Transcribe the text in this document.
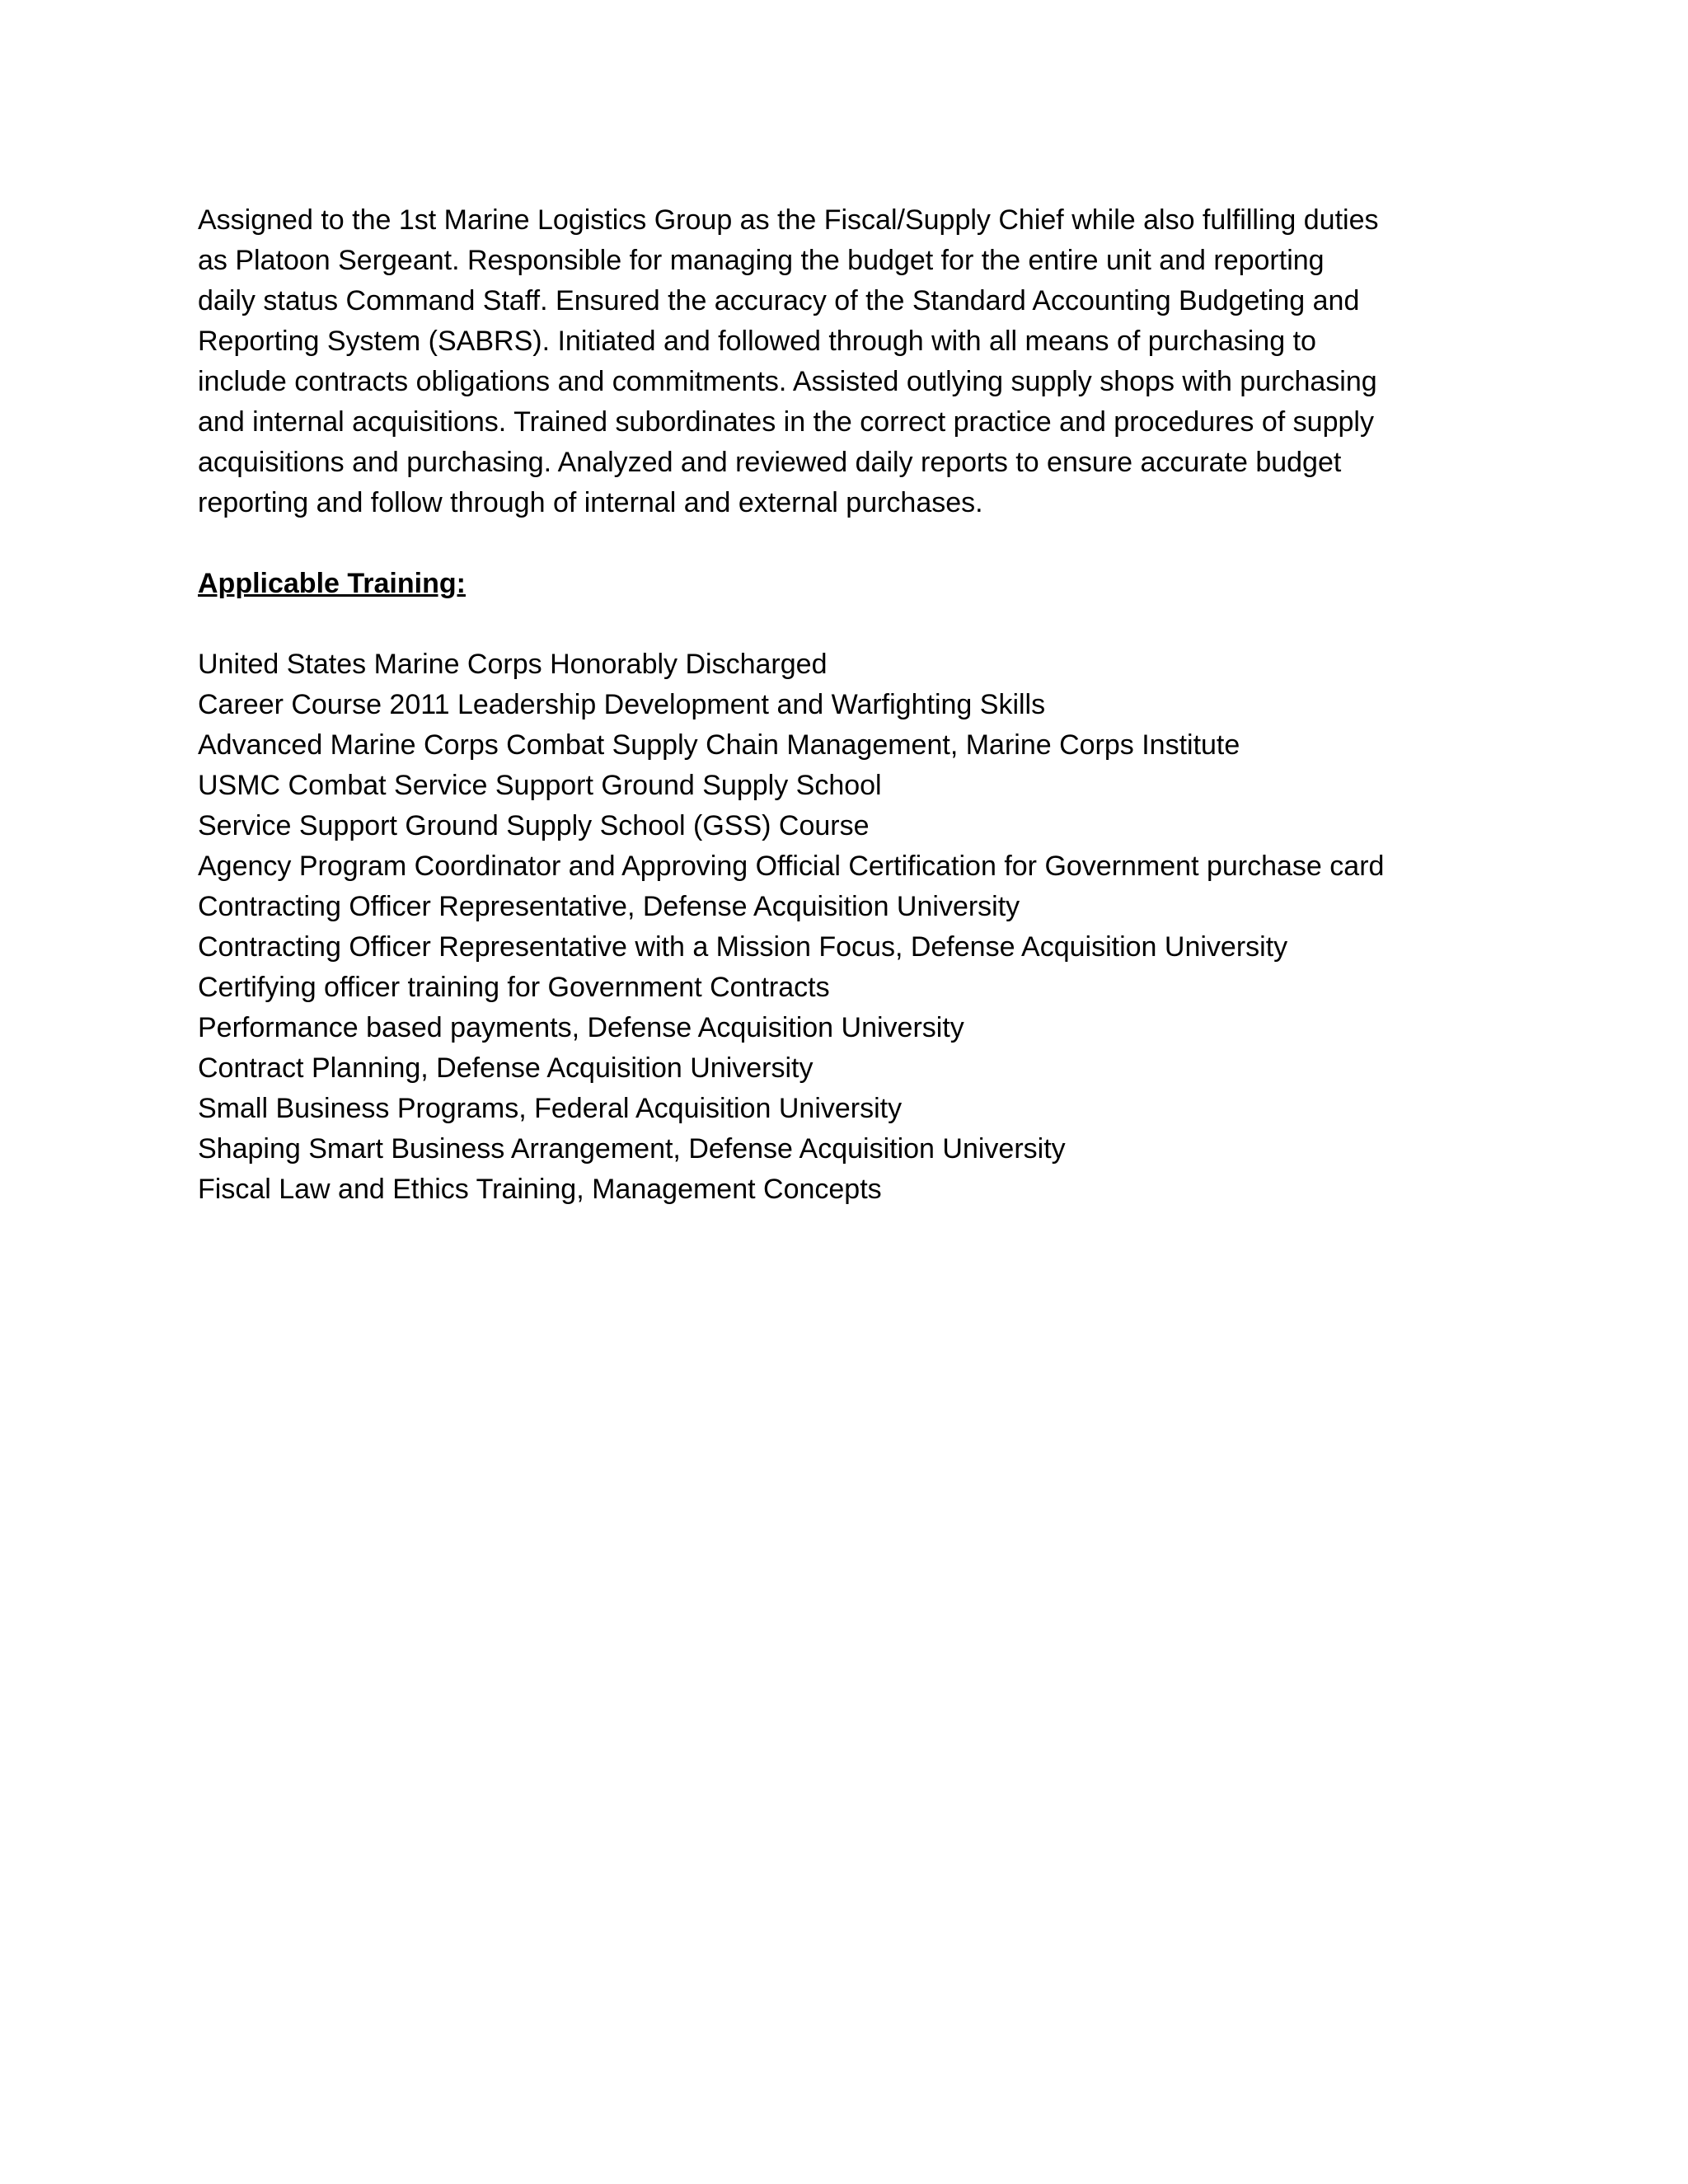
Assigned to the 1st Marine Logistics Group as the Fiscal/Supply Chief while also fulfilling duties
as Platoon Sergeant. Responsible for managing the budget for the entire unit and reporting
daily status Command Staff. Ensured the accuracy of the Standard Accounting Budgeting and
Reporting System (SABRS). Initiated and followed through with all means of purchasing to
include contracts obligations and commitments. Assisted outlying supply shops with purchasing
and internal acquisitions. Trained subordinates in the correct practice and procedures of supply
acquisitions and purchasing. Analyzed and reviewed daily reports to ensure accurate budget
reporting and follow through of internal and external purchases.
Applicable Training:
United States Marine Corps Honorably Discharged
Career Course 2011 Leadership Development and Warfighting Skills
Advanced Marine Corps Combat Supply Chain Management, Marine Corps Institute
USMC Combat Service Support Ground Supply School
Service Support Ground Supply School (GSS) Course
Agency Program Coordinator and Approving Official Certification for Government purchase card
Contracting Officer Representative, Defense Acquisition University
Contracting Officer Representative with a Mission Focus, Defense Acquisition University
Certifying officer training for Government Contracts
Performance based payments, Defense Acquisition University
Contract Planning, Defense Acquisition University
Small Business Programs, Federal Acquisition University
Shaping Smart Business Arrangement, Defense Acquisition University
Fiscal Law and Ethics Training, Management Concepts
